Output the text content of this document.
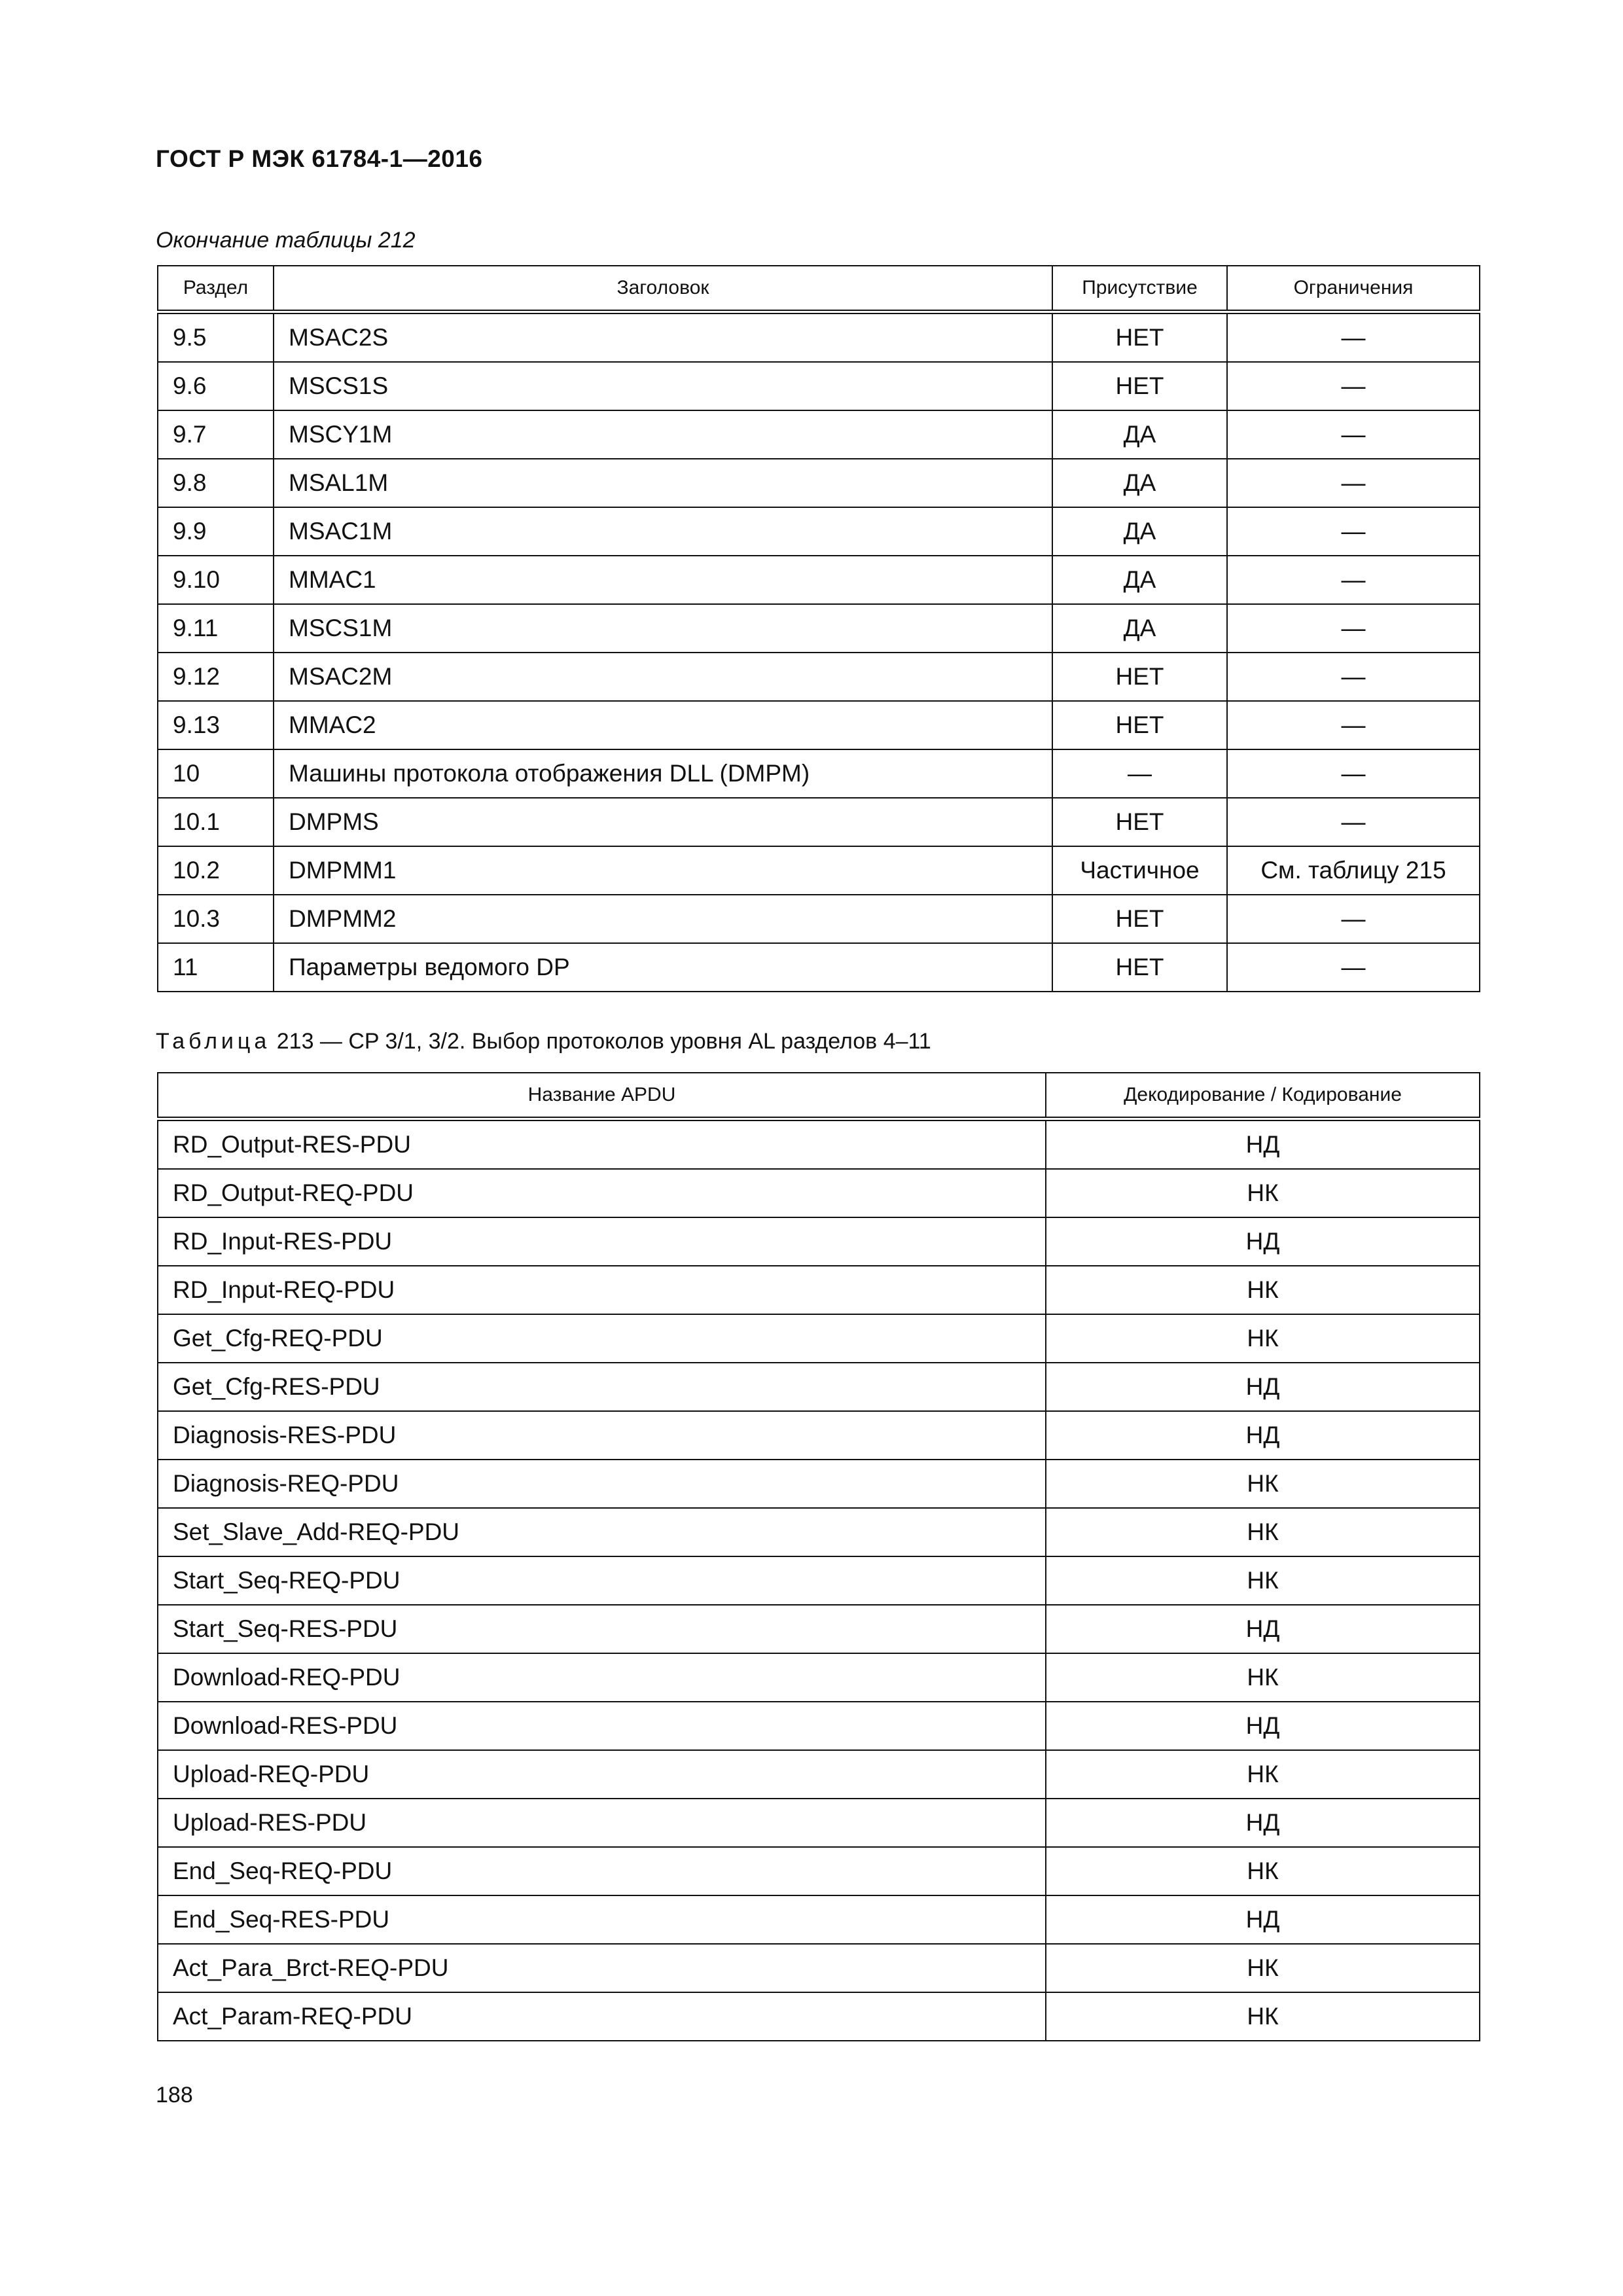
ГОСТ Р МЭК 61784-1—2016
Окончание таблицы 212
Раздел	Заголовок	Присутствие	Ограничения
9.5	MSAC2S	НЕТ	—
9.6	MSCS1S	НЕТ	—
9.7	MSCY1M	ДА	—
9.8	MSAL1M	ДА	—
9.9	MSAC1M	ДА	—
9.10	MMAC1	ДА	—
9.11	MSCS1M	ДА	—
9.12	MSAC2M	НЕТ	—
9.13	MMAC2	НЕТ	—
10	Машины протокола отображения DLL (DMPM)	—	—
10.1	DMPMS	НЕТ	—
10.2	DMPMM1	Частичное	См. таблицу 215
10.3	DMPMM2	НЕТ	—
11	Параметры ведомого DP	НЕТ	—
Таблица 213 — CP 3/1, 3/2. Выбор протоколов уровня AL разделов 4–11
Название APDU	Декодирование / Кодирование
RD_Output-RES-PDU	НД
RD_Output-REQ-PDU	НК
RD_Input-RES-PDU	НД
RD_Input-REQ-PDU	НК
Get_Cfg-REQ-PDU	НК
Get_Cfg-RES-PDU	НД
Diagnosis-RES-PDU	НД
Diagnosis-REQ-PDU	НК
Set_Slave_Add-REQ-PDU	НК
Start_Seq-REQ-PDU	НК
Start_Seq-RES-PDU	НД
Download-REQ-PDU	НК
Download-RES-PDU	НД
Upload-REQ-PDU	НК
Upload-RES-PDU	НД
End_Seq-REQ-PDU	НК
End_Seq-RES-PDU	НД
Act_Para_Brct-REQ-PDU	НК
Act_Param-REQ-PDU	НК
188
